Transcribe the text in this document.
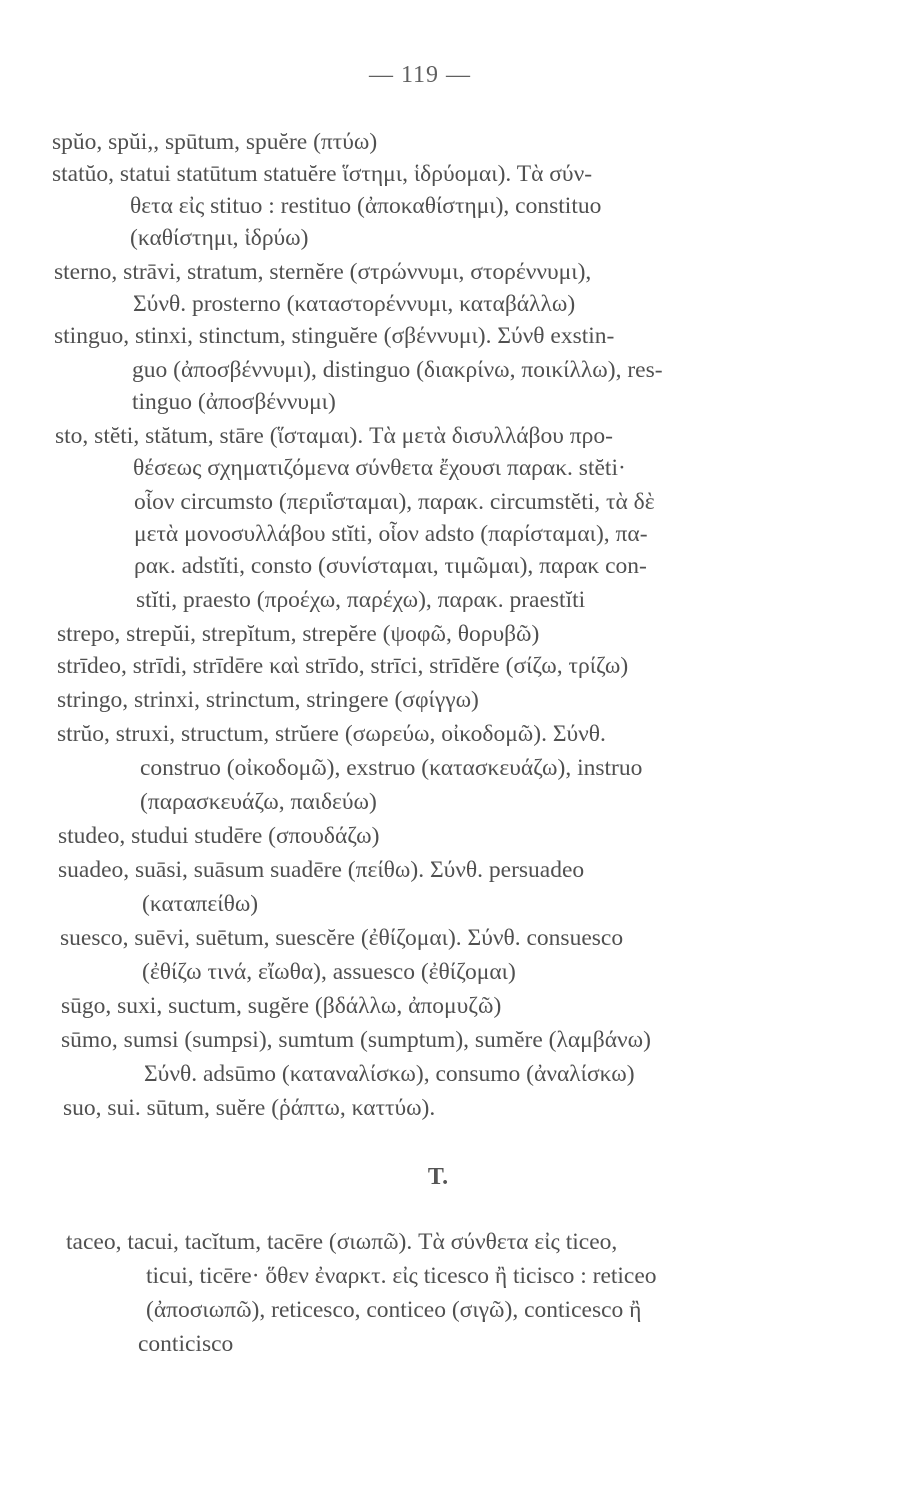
— 119 —
spŭo, spŭi,, spūtum, spuĕre (πτύω)
statŭo, statui statūtum statuĕre ἵστημι, ἱδρύομαι). Τὰ σύν-
θετα εἰς stituo : restituo (ἀποκαθίστημι), constituo
(καθίστημι, ἱδρύω)
sterno, strāvi, stratum, sternĕre (στρώννυμι, στορέννυμι),
Σύνθ. prosterno (καταστορέννυμι, καταβάλλω)
stinguo, stinxi, stinctum, stinguĕre (σβέννυμι). Σύνθ exstin-
guo (ἀποσβέννυμι), distinguo (διακρίνω, ποικίλλω), res-
tinguo (ἀποσβέννυμι)
sto, stĕti, stătum, stāre (ἵσταμαι). Τὰ μετὰ δισυλλάβου προ-
θέσεως σχηματιζόμενα σύνθετα ἔχουσι παρακ. stĕti·
οἷον circumsto (περιΐσταμαι), παρακ. circumstĕti, τὰ δὲ
μετὰ μονοσυλλάβου stĭti, οἷον adsto (παρίσταμαι), πα-
ρακ. adstĭti, consto (συνίσταμαι, τιμῶμαι), παρακ con-
stĭti, praesto (προέχω, παρέχω), παρακ. praestĭti
strepo, strepŭi, strepĭtum, strepĕre (ψοφῶ, θορυβῶ)
strīdeo, strīdi, strīdēre καὶ strīdo, strīci, strīdĕre (σίζω, τρίζω)
stringo, strinxi, strinctum, stringere (σφίγγω)
strŭo, struxi, structum, strŭere (σωρεύω, οἰκοδομῶ). Σύνθ.
construo (οἰκοδομῶ), exstruo (κατασκευάζω), instruo
(παρασκευάζω, παιδεύω)
studeo, studui studēre (σπουδάζω)
suadeo, suāsi, suāsum suadēre (πείθω). Σύνθ. persuadeo
(καταπείθω)
suesco, suēvi, suētum, suescĕre (ἐθίζομαι). Σύνθ. consuesco
(ἐθίζω τινά, εἴωθα), assuesco (ἐθίζομαι)
sūgo, suxi, suctum, sugĕre (βδάλλω, ἀπομυζῶ)
sūmo, sumsi (sumpsi), sumtum (sumptum), sumĕre (λαμβάνω)
Σύνθ. adsūmo (καταναλίσκω), consumo (ἀναλίσκω)
suo, sui. sūtum, suĕre (ῥάπτω, καττύω).
T.
taceo, tacui, tacĭtum, tacēre (σιωπῶ). Τὰ σύνθετα εἰς ticeo,
ticui, ticēre· ὅθεν ἐναρκτ. εἰς ticesco ἢ ticisco : reticeo
(ἀποσιωπῶ), reticesco, conticeo (σιγῶ), conticesco ἢ
conticisco
